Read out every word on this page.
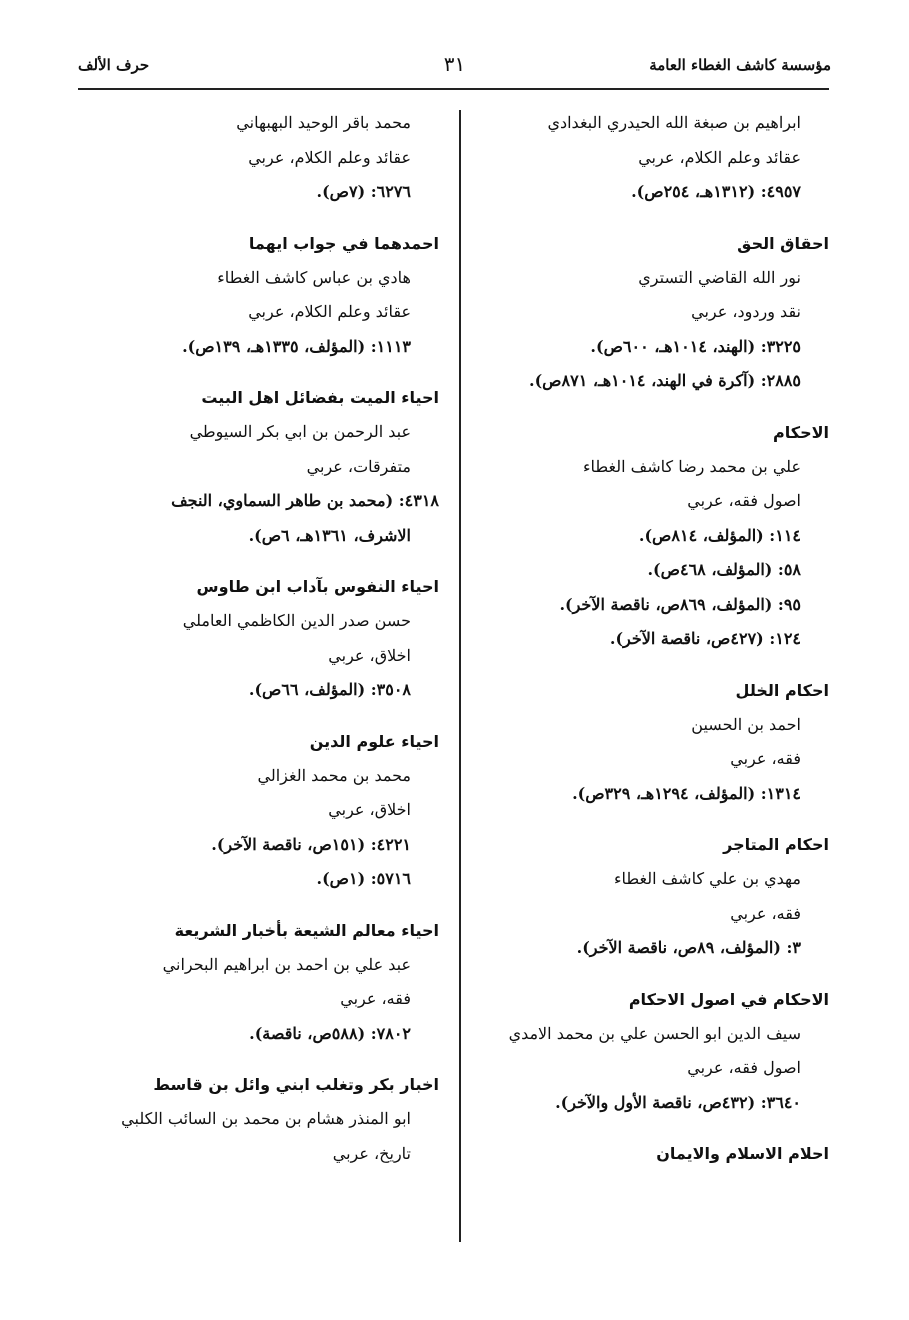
مؤسسة كاشف الغطاء العامة
٣١
حرف الألف
ابراهيم بن صبغة الله الحيدري البغدادي
عقائد وعلم الكلام، عربي
٤٩٥٧: (١٣١٢هـ، ٢٥٤ص).
احقاق الحق
نور الله القاضي التستري
نقد وردود، عربي
٣٢٢٥: (الهند، ١٠١٤هـ، ٦٠٠ص).
٢٨٨٥: (آكرة في الهند، ١٠١٤هـ، ٨٧١ص).
الاحكام
علي بن محمد رضا كاشف الغطاء
اصول فقه، عربي
١١٤: (المؤلف، ٨١٤ص).
٥٨: (المؤلف، ٤٦٨ص).
٩٥: (المؤلف، ٨٦٩ص، ناقصة الآخر).
١٢٤: (٤٢٧ص، ناقصة الآخر).
احكام الخلل
احمد بن الحسين
فقه، عربي
١٣١٤: (المؤلف، ١٢٩٤هـ، ٣٢٩ص).
احكام المتاجر
مهدي بن علي كاشف الغطاء
فقه، عربي
٣: (المؤلف، ٨٩ص، ناقصة الآخر).
الاحكام في اصول الاحكام
سيف الدين ابو الحسن علي بن محمد الامدي
اصول فقه، عربي
٣٦٤٠: (٤٣٢ص، ناقصة الأول والآخر).
احلام الاسلام والايمان
محمد باقر الوحيد البهبهاني
عقائد وعلم الكلام، عربي
٦٢٧٦: (٧ص).
احمدهما في جواب ايهما
هادي بن عباس كاشف الغطاء
عقائد وعلم الكلام، عربي
١١١٣: (المؤلف، ١٣٣٥هـ، ١٣٩ص).
احياء الميت بفضائل اهل البيت
عبد الرحمن بن ابي بكر السيوطي
متفرقات، عربي
٤٣١٨: (محمد بن طاهر السماوي، النجف
الاشرف، ١٣٦١هـ، ٦ص).
احياء النفوس بآداب ابن طاوس
حسن صدر الدين الكاظمي العاملي
اخلاق، عربي
٣٥٠٨: (المؤلف، ٦٦ص).
احياء علوم الدين
محمد بن محمد الغزالي
اخلاق، عربي
٤٢٢١: (١٥١ص، ناقصة الآخر).
٥٧١٦: (١ص).
احياء معالم الشيعة بأخبار الشريعة
عبد علي بن احمد بن ابراهيم البحراني
فقه، عربي
٧٨٠٢: (٥٨٨ص، ناقصة).
اخبار بكر وتغلب ابني وائل بن قاسط
ابو المنذر هشام بن محمد بن السائب الكلبي
تاريخ، عربي
